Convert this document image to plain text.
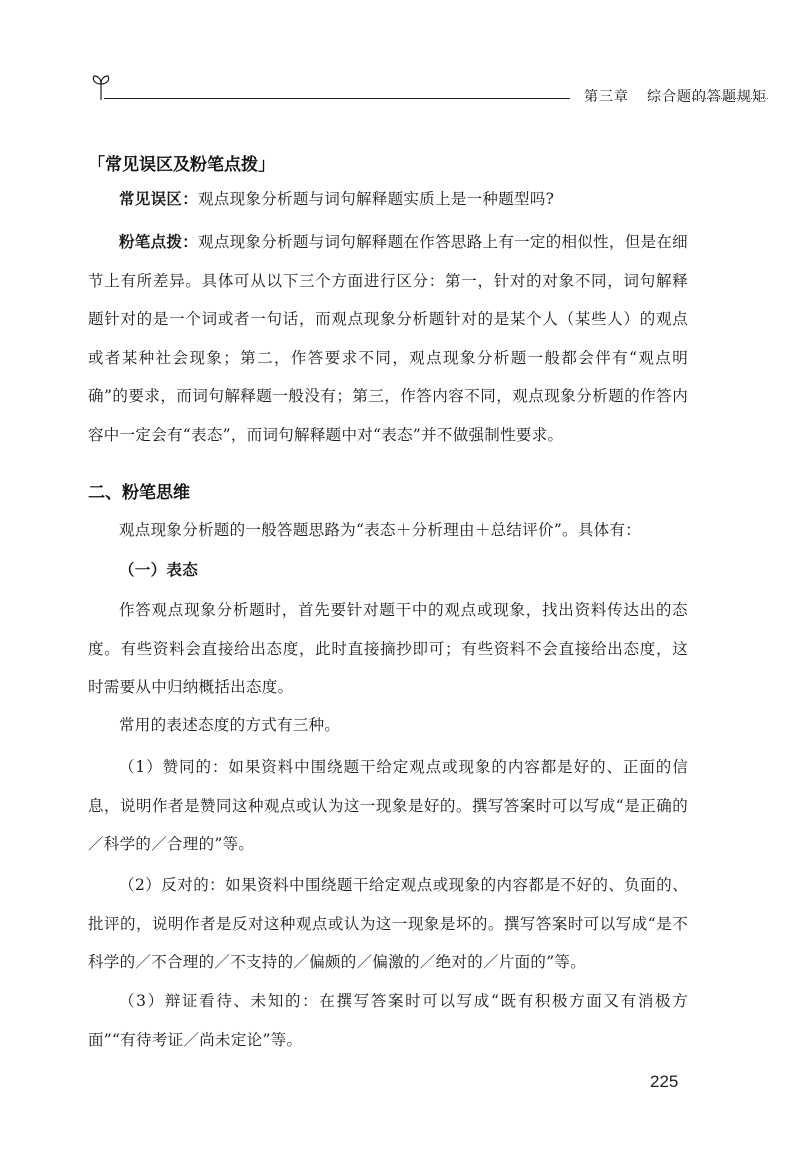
第三章 综合题的答题规矩
「常见误区及粉笔点拨」

常见误区：观点现象分析题与词句解释题实质上是一种题型吗?

粉笔点拨：观点现象分析题与词句解释题在作答思路上有一定的相似性，但是在细节上有所差异。具体可从以下三个方面进行区分：第一，针对的对象不同，词句解释题针对的是一个词或者一句话，而观点现象分析题针对的是某个人（某些人）的观点或者某种社会现象；第二，作答要求不同，观点现象分析题一般都会伴有“观点明确”的要求，而词句解释题一般没有；第三，作答内容不同，观点现象分析题的作答内容中一定会有“表态”，而词句解释题中对“表态”并不做强制性要求。

二、粉笔思维

观点现象分析题的一般答题思路为“表态＋分析理由＋总结评价”。具体有：

（一）表态

作答观点现象分析题时，首先要针对题干中的观点或现象，找出资料传达出的态度。有些资料会直接给出态度，此时直接摘抄即可；有些资料不会直接给出态度，这时需要从中归纳概括出态度。

常用的表述态度的方式有三种。

（1）赞同的：如果资料中围绕题干给定观点或现象的内容都是好的、正面的信息，说明作者是赞同这种观点或认为这一现象是好的。撰写答案时可以写成“是正确的／科学的／合理的”等。

（2）反对的：如果资料中围绕题干给定观点或现象的内容都是不好的、负面的、批评的，说明作者是反对这种观点或认为这一现象是坏的。撰写答案时可以写成“是不科学的／不合理的／不支持的／偏颇的／偏激的／绝对的／片面的”等。

（3）辩证看待、未知的：在撰写答案时可以写成“既有积极方面又有消极方面”“有待考证／尚未定论”等。

225
